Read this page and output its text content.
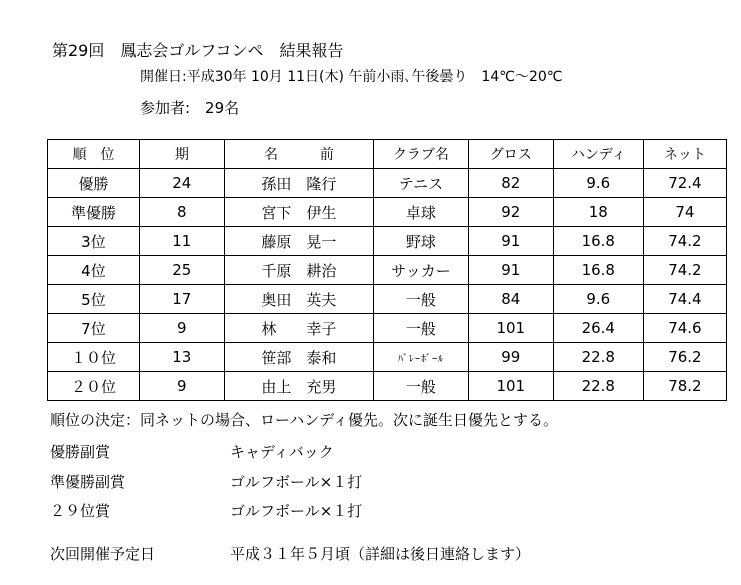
第29回　鳳志会ゴルフコンペ　結果報告
開催日:平成30年 10月 11日(木) 午前小雨､午後曇り　14℃～20℃
参加者:　29名
順　位	期	名　　　前	クラブ名	グロス	ハンディ	ネット
優勝	24	孫田　隆行	テニス	82	9.6	72.4
準優勝	8	宮下　伊生	卓球	92	18	74
3位	11	藤原　晃一	野球	91	16.8	74.2
4位	25	千原　耕治	サッカー	91	16.8	74.2
5位	17	奥田　英夫	一般	84	9.6	74.4
7位	9	林　　幸子	一般	101	26.4	74.6
１０位	13	笹部　泰和	ﾊﾞﾚｰﾎﾞｰﾙ	99	22.8	76.2
２０位	9	由上　充男	一般	101	22.8	78.2
順位の決定：同ネットの場合、ローハンディ優先。次に誕生日優先とする。
優勝副賞	キャディバック
準優勝副賞	ゴルフボール×１打
２９位賞	ゴルフボール×１打
次回開催予定日	平成３１年５月頃（詳細は後日連絡します）
